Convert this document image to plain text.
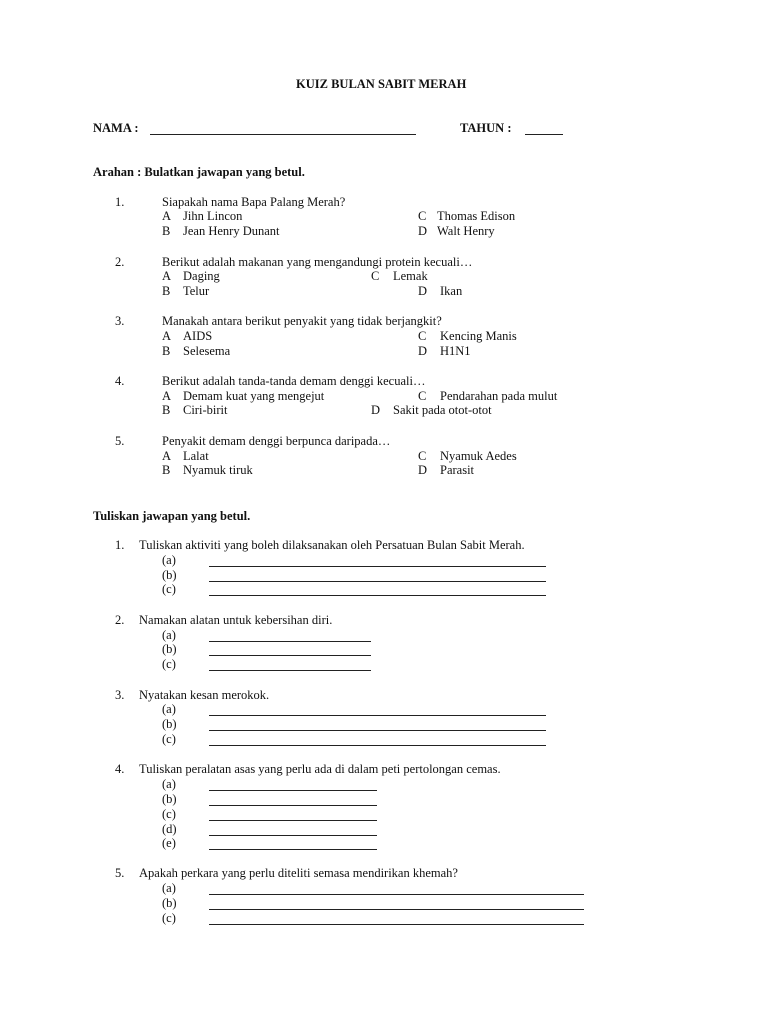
KUIZ BULAN SABIT MERAH
NAMA :	TAHUN :
Arahan : Bulatkan jawapan yang betul.
1.	Siapakah nama Bapa Palang Merah?
A Jihn Lincon
B Jean Henry Dunant
C Thomas Edison
D Walt Henry
2.	Berikut adalah makanan yang mengandungi protein kecuali…
A Daging
B Telur
C Lemak
D Ikan
3.	Manakah antara berikut penyakit yang tidak berjangkit?
A AIDS
B Selesema
C Kencing Manis
D H1N1
4.	Berikut adalah tanda-tanda demam denggi kecuali…
A Demam kuat yang mengejut
B Ciri-birit
C Pendarahan pada mulut
D Sakit pada otot-otot
5.	Penyakit demam denggi berpunca daripada…
A Lalat
B Nyamuk tiruk
C Nyamuk Aedes
D Parasit
Tuliskan jawapan yang betul.
1. Tuliskan aktiviti yang boleh dilaksanakan oleh Persatuan Bulan Sabit Merah.
(a)
(b)
(c)
2. Namakan alatan untuk kebersihan diri.
(a)
(b)
(c)
3. Nyatakan kesan merokok.
(a)
(b)
(c)
4. Tuliskan peralatan asas yang perlu ada di dalam peti pertolongan cemas.
(a)
(b)
(c)
(d)
(e)
5. Apakah perkara yang perlu diteliti semasa mendirikan khemah?
(a)
(b)
(c)
